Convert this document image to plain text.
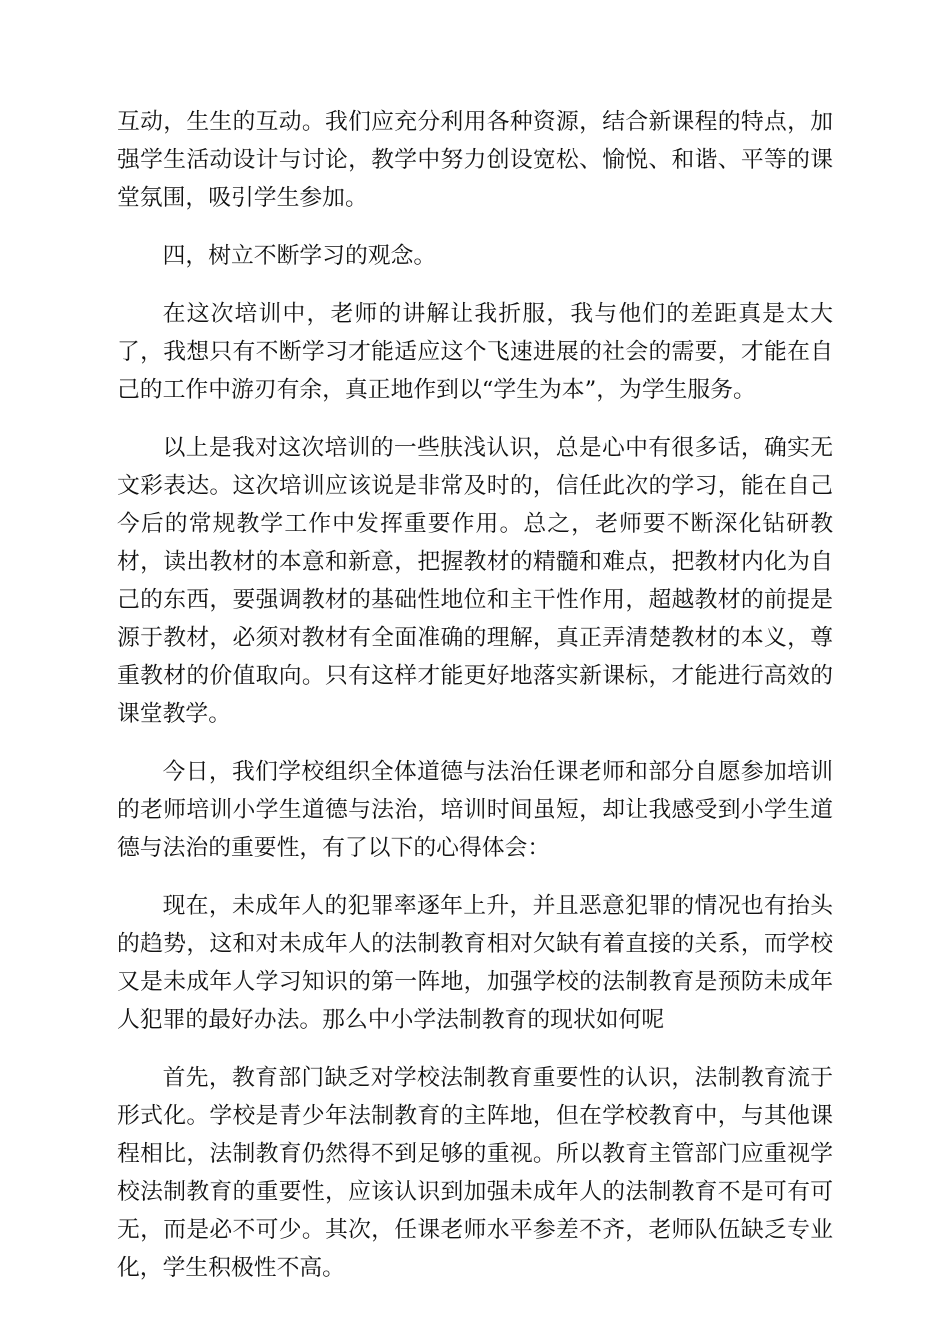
互动，生生的互动。我们应充分利用各种资源，结合新课程的特点，加强学生活动设计与讨论，教学中努力创设宽松、愉悦、和谐、平等的课堂氛围，吸引学生参加。

四，树立不断学习的观念。

在这次培训中，老师的讲解让我折服，我与他们的差距真是太大了，我想只有不断学习才能适应这个飞速进展的社会的需要，才能在自己的工作中游刃有余，真正地作到以“学生为本”，为学生服务。

以上是我对这次培训的一些肤浅认识，总是心中有很多话，确实无文彩表达。这次培训应该说是非常及时的，信任此次的学习，能在自己今后的常规教学工作中发挥重要作用。总之，老师要不断深化钻研教材，读出教材的本意和新意，把握教材的精髓和难点，把教材内化为自己的东西，要强调教材的基础性地位和主干性作用，超越教材的前提是源于教材，必须对教材有全面准确的理解，真正弄清楚教材的本义，尊重教材的价值取向。只有这样才能更好地落实新课标，才能进行高效的课堂教学。

今日，我们学校组织全体道德与法治任课老师和部分自愿参加培训的老师培训小学生道德与法治，培训时间虽短，却让我感受到小学生道德与法治的重要性，有了以下的心得体会：

现在，未成年人的犯罪率逐年上升，并且恶意犯罪的情况也有抬头的趋势，这和对未成年人的法制教育相对欠缺有着直接的关系，而学校又是未成年人学习知识的第一阵地，加强学校的法制教育是预防未成年人犯罪的最好办法。那么中小学法制教育的现状如何呢

首先，教育部门缺乏对学校法制教育重要性的认识，法制教育流于形式化。学校是青少年法制教育的主阵地，但在学校教育中，与其他课程相比，法制教育仍然得不到足够的重视。所以教育主管部门应重视学校法制教育的重要性，应该认识到加强未成年人的法制教育不是可有可无，而是必不可少。其次，任课老师水平参差不齐，老师队伍缺乏专业化，学生积极性不高。
